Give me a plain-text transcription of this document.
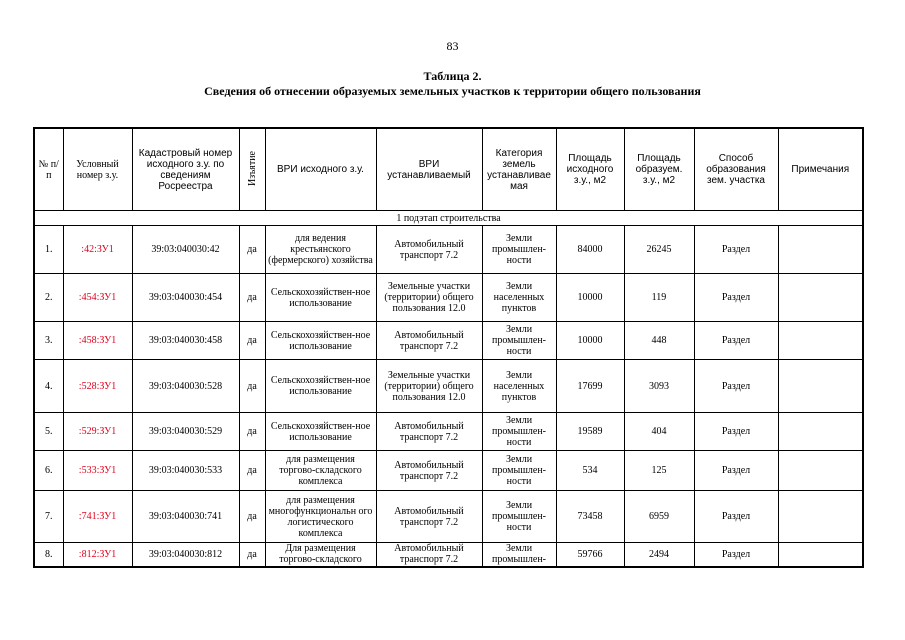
83
Таблица 2.
Сведения об отнесении образуемых земельных участков к территории общего пользования
№ п/п	Условный номер з.у.	Кадастровый номер исходного з.у. по сведениям Росреестра	Изъятие	ВРИ исходного з.у.	ВРИ устанавливаемый	Категория земель устанавливае мая	Площадь исходного з.у., м2	Площадь образуем. з.у., м2	Способ образования зем. участка	Примечания
1 подэтап строительства										
1.	:42:ЗУ1	39:03:040030:42	да	для ведения крестьянского (фермерского) хозяйства	Автомобильный транспорт 7.2	Земли промышлен-ности	84000	26245	Раздел	
2.	:454:ЗУ1	39:03:040030:454	да	Сельскохозяйствен-ное использование	Земельные участки (территории) общего пользования 12.0	Земли населенных пунктов	10000	119	Раздел	
3.	:458:ЗУ1	39:03:040030:458	да	Сельскохозяйствен-ное использование	Автомобильный транспорт 7.2	Земли промышлен-ности	10000	448	Раздел	
4.	:528:ЗУ1	39:03:040030:528	да	Сельскохозяйствен-ное использование	Земельные участки (территории) общего пользования 12.0	Земли населенных пунктов	17699	3093	Раздел	
5.	:529:ЗУ1	39:03:040030:529	да	Сельскохозяйствен-ное использование	Автомобильный транспорт 7.2	Земли промышлен-ности	19589	404	Раздел	
6.	:533:ЗУ1	39:03:040030:533	да	для размещения торгово-складского комплекса	Автомобильный транспорт 7.2	Земли промышлен-ности	534	125	Раздел	
7.	:741:ЗУ1	39:03:040030:741	да	для размещения многофункциональн ого логистического комплекса	Автомобильный транспорт 7.2	Земли промышлен-ности	73458	6959	Раздел	
8.	:812:ЗУ1	39:03:040030:812	да	Для размещения торгово-складского	Автомобильный транспорт 7.2	Земли промышлен-	59766	2494	Раздел	
